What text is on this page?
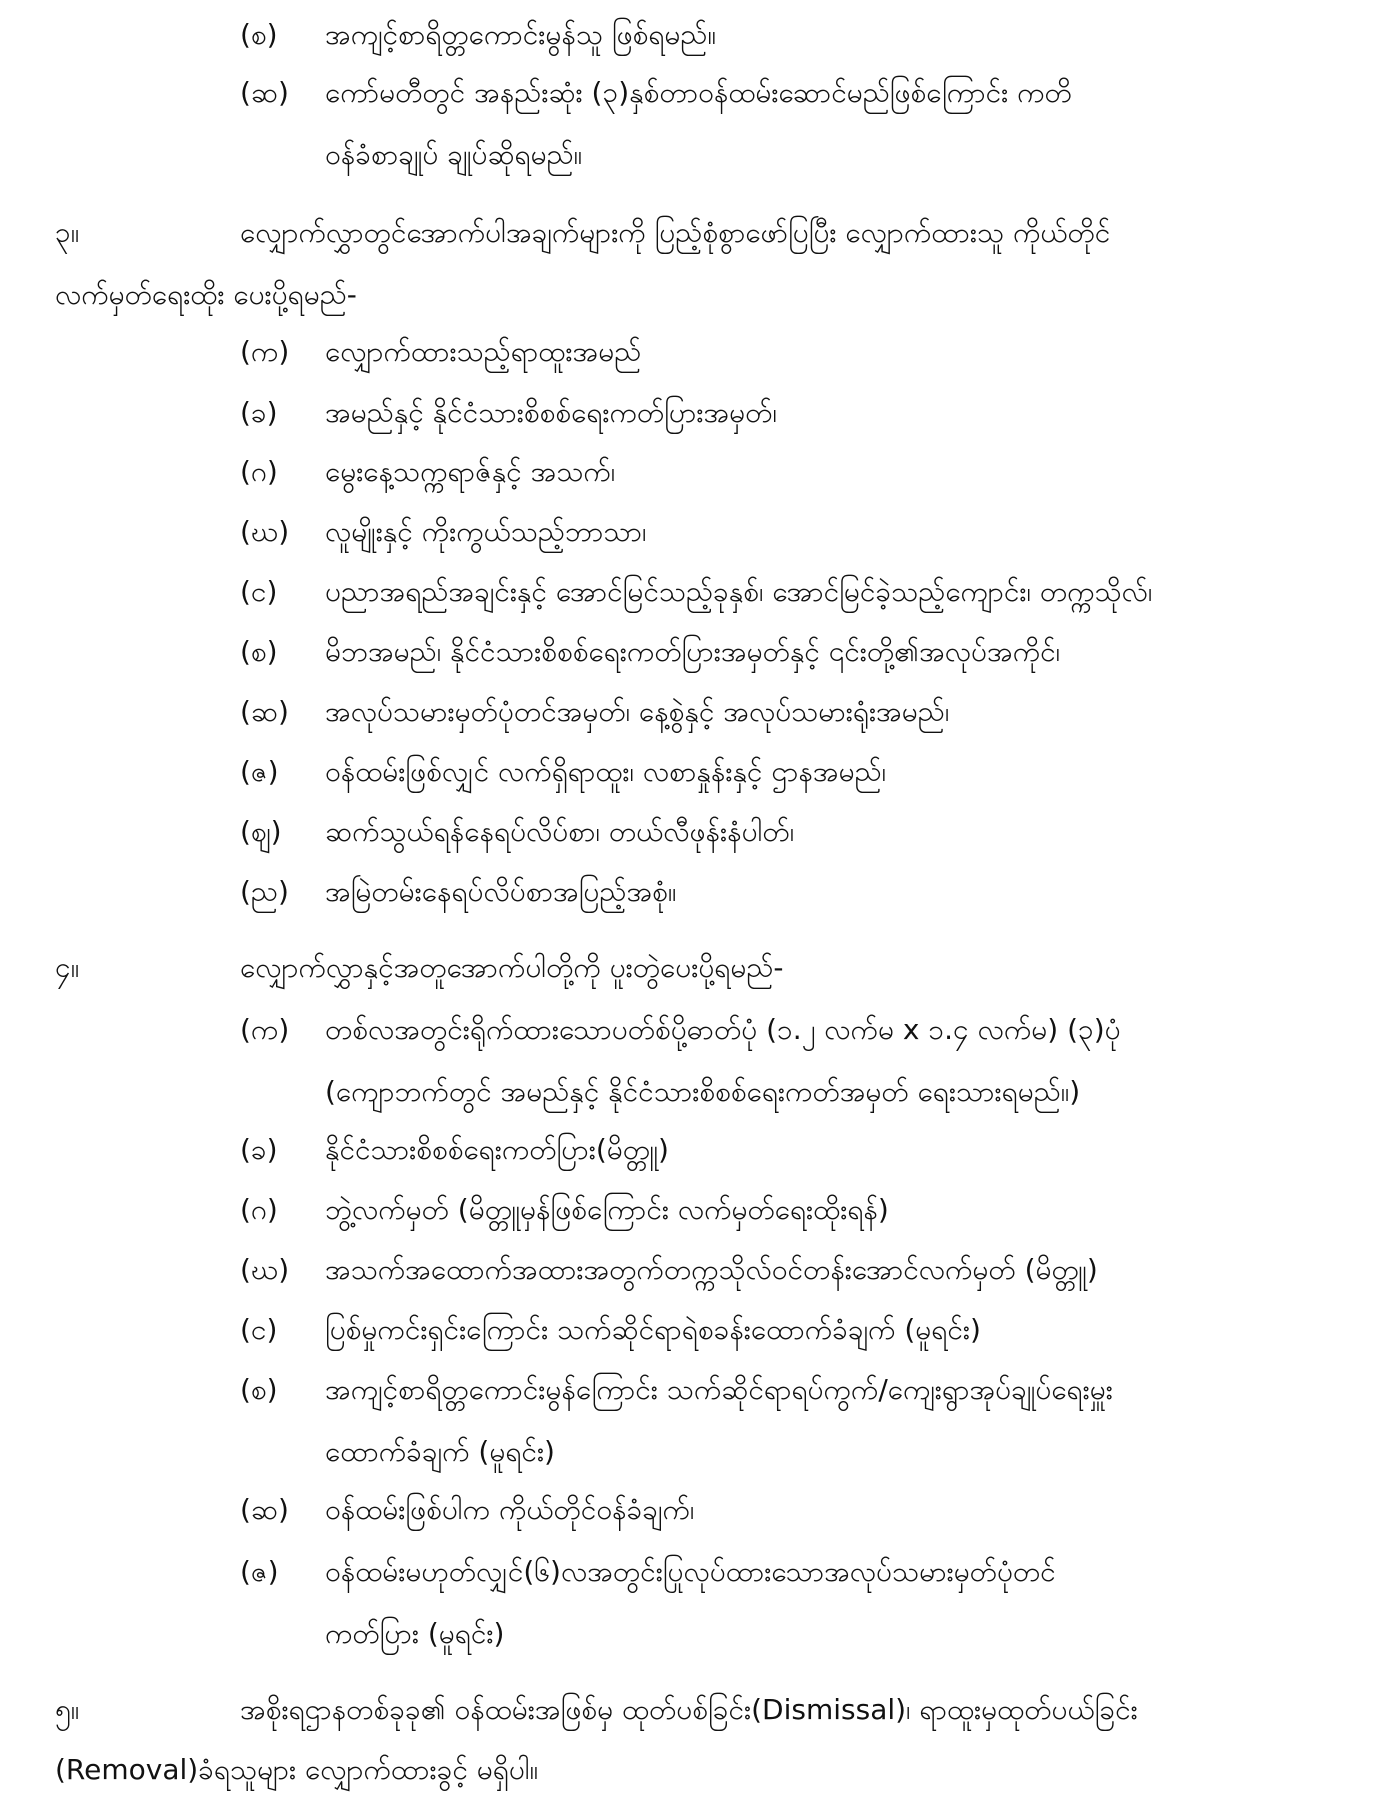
(စ) အကျင့်စာရိတ္တကောင်းမွန်သူ ဖြစ်ရမည်။
(ဆ) ကော်မတီတွင် အနည်းဆုံး (၃)နှစ်တာဝန်ထမ်းဆောင်မည်ဖြစ်ကြောင်း ကတိ
ဝန်ခံစာချုပ် ချုပ်ဆိုရမည်။
၃။	လျှောက်လွှာတွင်အောက်ပါအချက်များကို ပြည့်စုံစွာဖော်ပြပြီး လျှောက်ထားသူ ကိုယ်တိုင်
လက်မှတ်ရေးထိုး ပေးပို့ရမည်-
(က) လျှောက်ထားသည့်ရာထူးအမည်
(ခ) အမည်နှင့် နိုင်ငံသားစိစစ်ရေးကတ်ပြားအမှတ်၊
(ဂ) မွေးနေ့သက္ကရာဇ်နှင့် အသက်၊
(ဃ) လူမျိုးနှင့် ကိုးကွယ်သည့်ဘာသာ၊
(င) ပညာအရည်အချင်းနှင့် အောင်မြင်သည့်ခုနှစ်၊ အောင်မြင်ခဲ့သည့်ကျောင်း၊ တက္ကသိုလ်၊
(စ) မိဘအမည်၊ နိုင်ငံသားစိစစ်ရေးကတ်ပြားအမှတ်နှင့် ၎င်းတို့၏အလုပ်အကိုင်၊
(ဆ) အလုပ်သမားမှတ်ပုံတင်အမှတ်၊ နေ့စွဲနှင့် အလုပ်သမားရုံးအမည်၊
(ဇ) ဝန်ထမ်းဖြစ်လျှင် လက်ရှိရာထူး၊ လစာနှုန်းနှင့် ဌာနအမည်၊
(ဈ) ဆက်သွယ်ရန်နေရပ်လိပ်စာ၊ တယ်လီဖုန်းနံပါတ်၊
(ည) အမြဲတမ်းနေရပ်လိပ်စာအပြည့်အစုံ။
၄။	လျှောက်လွှာနှင့်အတူအောက်ပါတို့ကို ပူးတွဲပေးပို့ရမည်-
(က) တစ်လအတွင်းရိုက်ထားသောပတ်စ်ပို့ဓာတ်ပုံ (၁.၂ လက်မ x ၁.၄ လက်မ) (၃)ပုံ
(ကျောဘက်တွင် အမည်နှင့် နိုင်ငံသားစိစစ်ရေးကတ်အမှတ် ရေးသားရမည်။)
(ခ) နိုင်ငံသားစိစစ်ရေးကတ်ပြား(မိတ္တူ)
(ဂ) ဘွဲ့လက်မှတ် (မိတ္တူမှန်ဖြစ်ကြောင်း လက်မှတ်ရေးထိုးရန်)
(ဃ) အသက်အထောက်အထားအတွက်တက္ကသိုလ်ဝင်တန်းအောင်လက်မှတ် (မိတ္တူ)
(င) ပြစ်မှုကင်းရှင်းကြောင်း သက်ဆိုင်ရာရဲစခန်းထောက်ခံချက် (မူရင်း)
(စ) အကျင့်စာရိတ္တကောင်းမွန်ကြောင်း သက်ဆိုင်ရာရပ်ကွက်/ကျေးရွာအုပ်ချုပ်ရေးမှူး
ထောက်ခံချက် (မူရင်း)
(ဆ) ဝန်ထမ်းဖြစ်ပါက ကိုယ်တိုင်ဝန်ခံချက်၊
(ဇ) ဝန်ထမ်းမဟုတ်လျှင်(၆)လအတွင်းပြုလုပ်ထားသောအလုပ်သမားမှတ်ပုံတင်
ကတ်ပြား (မူရင်း)
၅။	အစိုးရဌာနတစ်ခုခု၏ ဝန်ထမ်းအဖြစ်မှ ထုတ်ပစ်ခြင်း(Dismissal)၊ ရာထူးမှထုတ်ပယ်ခြင်း
(Removal)ခံရသူများ လျှောက်ထားခွင့် မရှိပါ။
